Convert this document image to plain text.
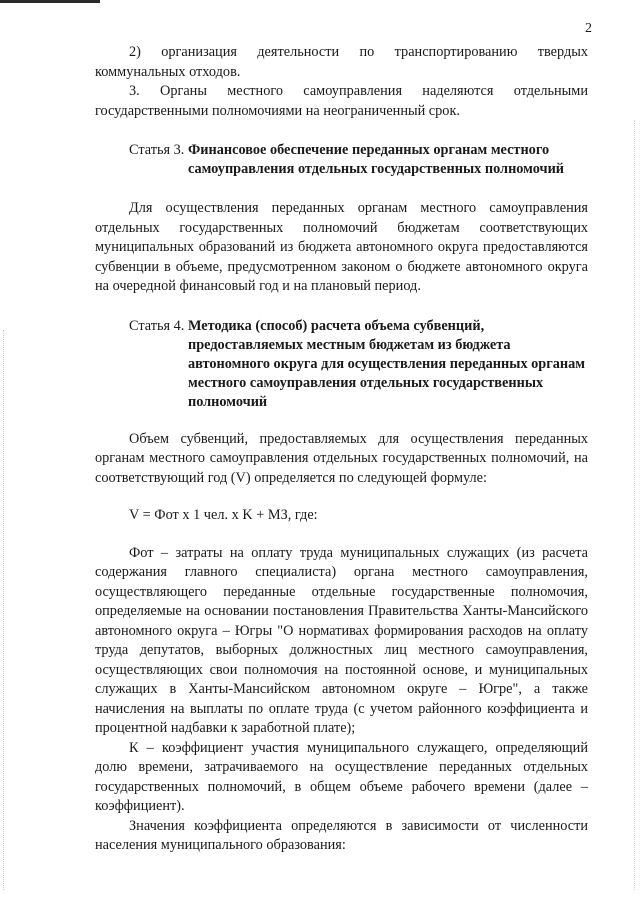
2

2) организация деятельности по транспортированию твердых коммунальных отходов.

3. Органы местного самоуправления наделяются отдельными государственными полномочиями на неограниченный срок.

Статья 3. Финансовое обеспечение переданных органам местного самоуправления отдельных государственных полномочий

Для осуществления переданных органам местного самоуправления отдельных государственных полномочий бюджетам соответствующих муниципальных образований из бюджета автономного округа предоставляются субвенции в объеме, предусмотренном законом о бюджете автономного округа на очередной финансовый год и на плановый период.

Статья 4. Методика (способ) расчета объема субвенций, предоставляемых местным бюджетам из бюджета автономного округа для осуществления переданных органам местного самоуправления отдельных государственных полномочий

Объем субвенций, предоставляемых для осуществления переданных органам местного самоуправления отдельных государственных полномочий, на соответствующий год (V) определяется по следующей формуле:

V = Фот х 1 чел. х K + МЗ, где:

Фот – затраты на оплату труда муниципальных служащих (из расчета содержания главного специалиста) органа местного самоуправления, осуществляющего переданные отдельные государственные полномочия, определяемые на основании постановления Правительства Ханты-Мансийского автономного округа – Югры "О нормативах формирования расходов на оплату труда депутатов, выборных должностных лиц местного самоуправления, осуществляющих свои полномочия на постоянной основе, и муниципальных служащих в Ханты-Мансийском автономном округе – Югре", а также начисления на выплаты по оплате труда (с учетом районного коэффициента и процентной надбавки к заработной плате);

К – коэффициент участия муниципального служащего, определяющий долю времени, затрачиваемого на осуществление переданных отдельных государственных полномочий, в общем объеме рабочего времени (далее – коэффициент).

Значения коэффициента определяются в зависимости от численности населения муниципального образования:
